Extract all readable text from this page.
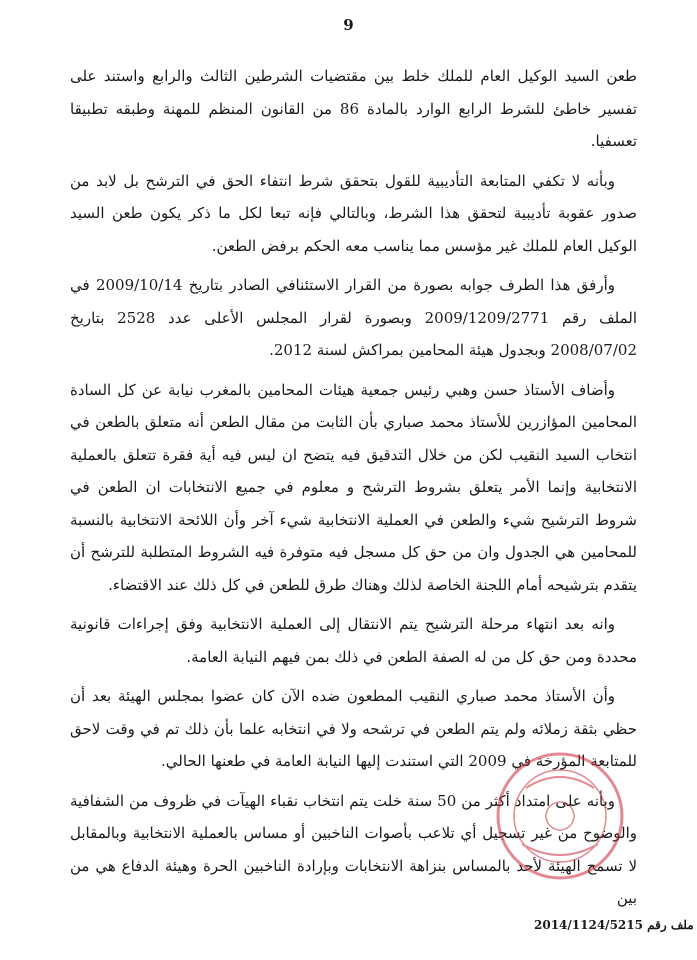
9

طعن السيد الوكيل العام للملك خلط بين مقتضيات الشرطين الثالث والرابع واستند على تفسير خاطئ للشرط الرابع الوارد بالمادة 86 من القانون المنظم للمهنة وطبقه تطبيقا تعسفيا.

وبأنه لا تكفي المتابعة التأديبية للقول بتحقق شرط انتفاء الحق في الترشح بل لابد من صدور عقوبة تأديبية لتحقق هذا الشرط، وبالتالي فإنه تبعا لكل ما ذكر يكون طعن السيد الوكيل العام للملك غير مؤسس مما يناسب معه الحكم برفض الطعن.

وأرفق هذا الطرف جوابه بصورة من القرار الاستئنافي الصادر بتاريخ 2009/10/14 في الملف رقم 2009/1209/2771 وبصورة لقرار المجلس الأعلى عدد 2528 بتاريخ 2008/07/02 وبجدول هيئة المحامين بمراكش لسنة 2012.

وأضاف الأستاذ حسن وهبي رئيس جمعية هيئات المحامين بالمغرب نيابة عن كل السادة المحامين المؤازرين للأستاذ محمد صباري بأن الثابت من مقال الطعن أنه متعلق بالطعن في انتخاب السيد النقيب لكن من خلال التدقيق فيه يتضح ان ليس فيه أية فقرة تتعلق بالعملية الانتخابية وإنما الأمر يتعلق بشروط الترشح و معلوم في جميع الانتخابات ان الطعن في شروط الترشيح شيء والطعن في العملية الانتخابية شيء آخر وأن اللائحة الانتخابية بالنسبة للمحامين هي الجدول وان من حق كل مسجل فيه متوفرة فيه الشروط المتطلبة للترشح أن يتقدم بترشيحه أمام اللجنة الخاصة لذلك وهناك طرق للطعن في كل ذلك عند الاقتضاء.

وانه بعد انتهاء مرحلة الترشيح يتم الانتقال إلى العملية الانتخابية وفق إجراءات قانونية محددة ومن حق كل من له الصفة الطعن في ذلك بمن فيهم النيابة العامة.

وأن الأستاذ محمد صباري النقيب المطعون ضده الآن كان عضوا بمجلس الهيئة بعد أن حظي بثقة زملائه ولم يتم الطعن في ترشحه ولا في انتخابه علما بأن ذلك تم في وقت لاحق للمتابعة المؤرخة في 2009 التي استندت إليها النيابة العامة في طعنها الحالي.

وبأنه على امتداد أكثر من 50 سنة خلت يتم انتخاب نقباء الهيآت في ظروف من الشفافية والوضوح من غير تسجيل أي تلاعب بأصوات الناخبين أو مساس بالعملية الانتخابية وبالمقابل لا تسمح الهيئة لأحد بالمساس بنزاهة الانتخابات وبإرادة الناخبين الحرة وهيئة الدفاع هي من بين

ملف رقم 2014/1124/5215
